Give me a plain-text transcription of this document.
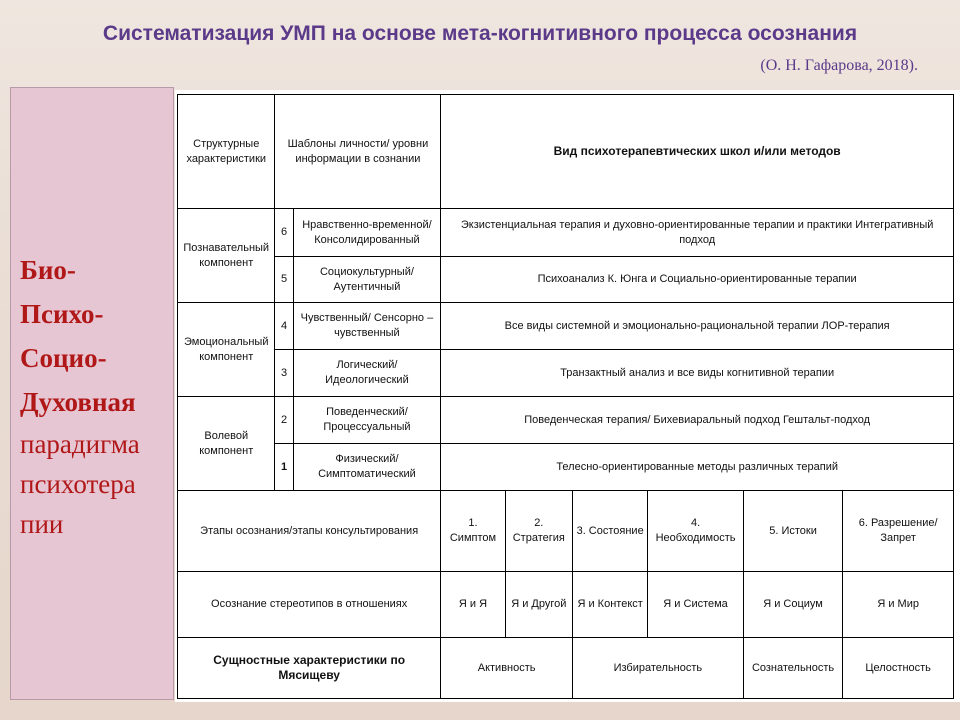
Систематизация УМП на основе мета-когнитивного процесса осознания
(О. Н. Гафарова, 2018).
Био-
Психо-
Социо-
Духовная
парадигма
психотера
пии
Структурные характеристики	Шаблоны личности/ уровни информации в сознании		Вид психотерапевтических школ и/или методов					
Познавательный компонент	6	Нравственно-временной/ Консолидированный	Экзистенциальная терапия и духовно-ориентированные терапии и практики Интегративный подход					
	5	Социокультурный/ Аутентичный	Психоанализ К. Юнга и Социально-ориентированные терапии					
Эмоциональный компонент	4	Чувственный/ Сенсорно – чувственный	Все виды системной и эмоционально-рациональной терапии ЛОР-терапия					
	3	Логический/ Идеологический	Транзактный анализ и все виды когнитивной терапии					
Волевой компонент	2	Поведенческий/ Процессуальный	Поведенческая терапия/ Бихевиаральный подход Гештальт-подход					
	1	Физический/ Симптоматический	Телесно-ориентированные методы различных терапий					
Этапы осознания/этапы консультирования			1. Симптом	2. Стратегия	3. Состояние	4. Необходимость	5. Истоки	6. Разрешение/ Запрет
Осознание стереотипов в отношениях			Я и Я	Я и Другой	Я и Контекст	Я и Система	Я и Социум	Я и Мир
Сущностные характеристики по Мясищеву			Активность		Избирательность		Сознательность	Целостность
